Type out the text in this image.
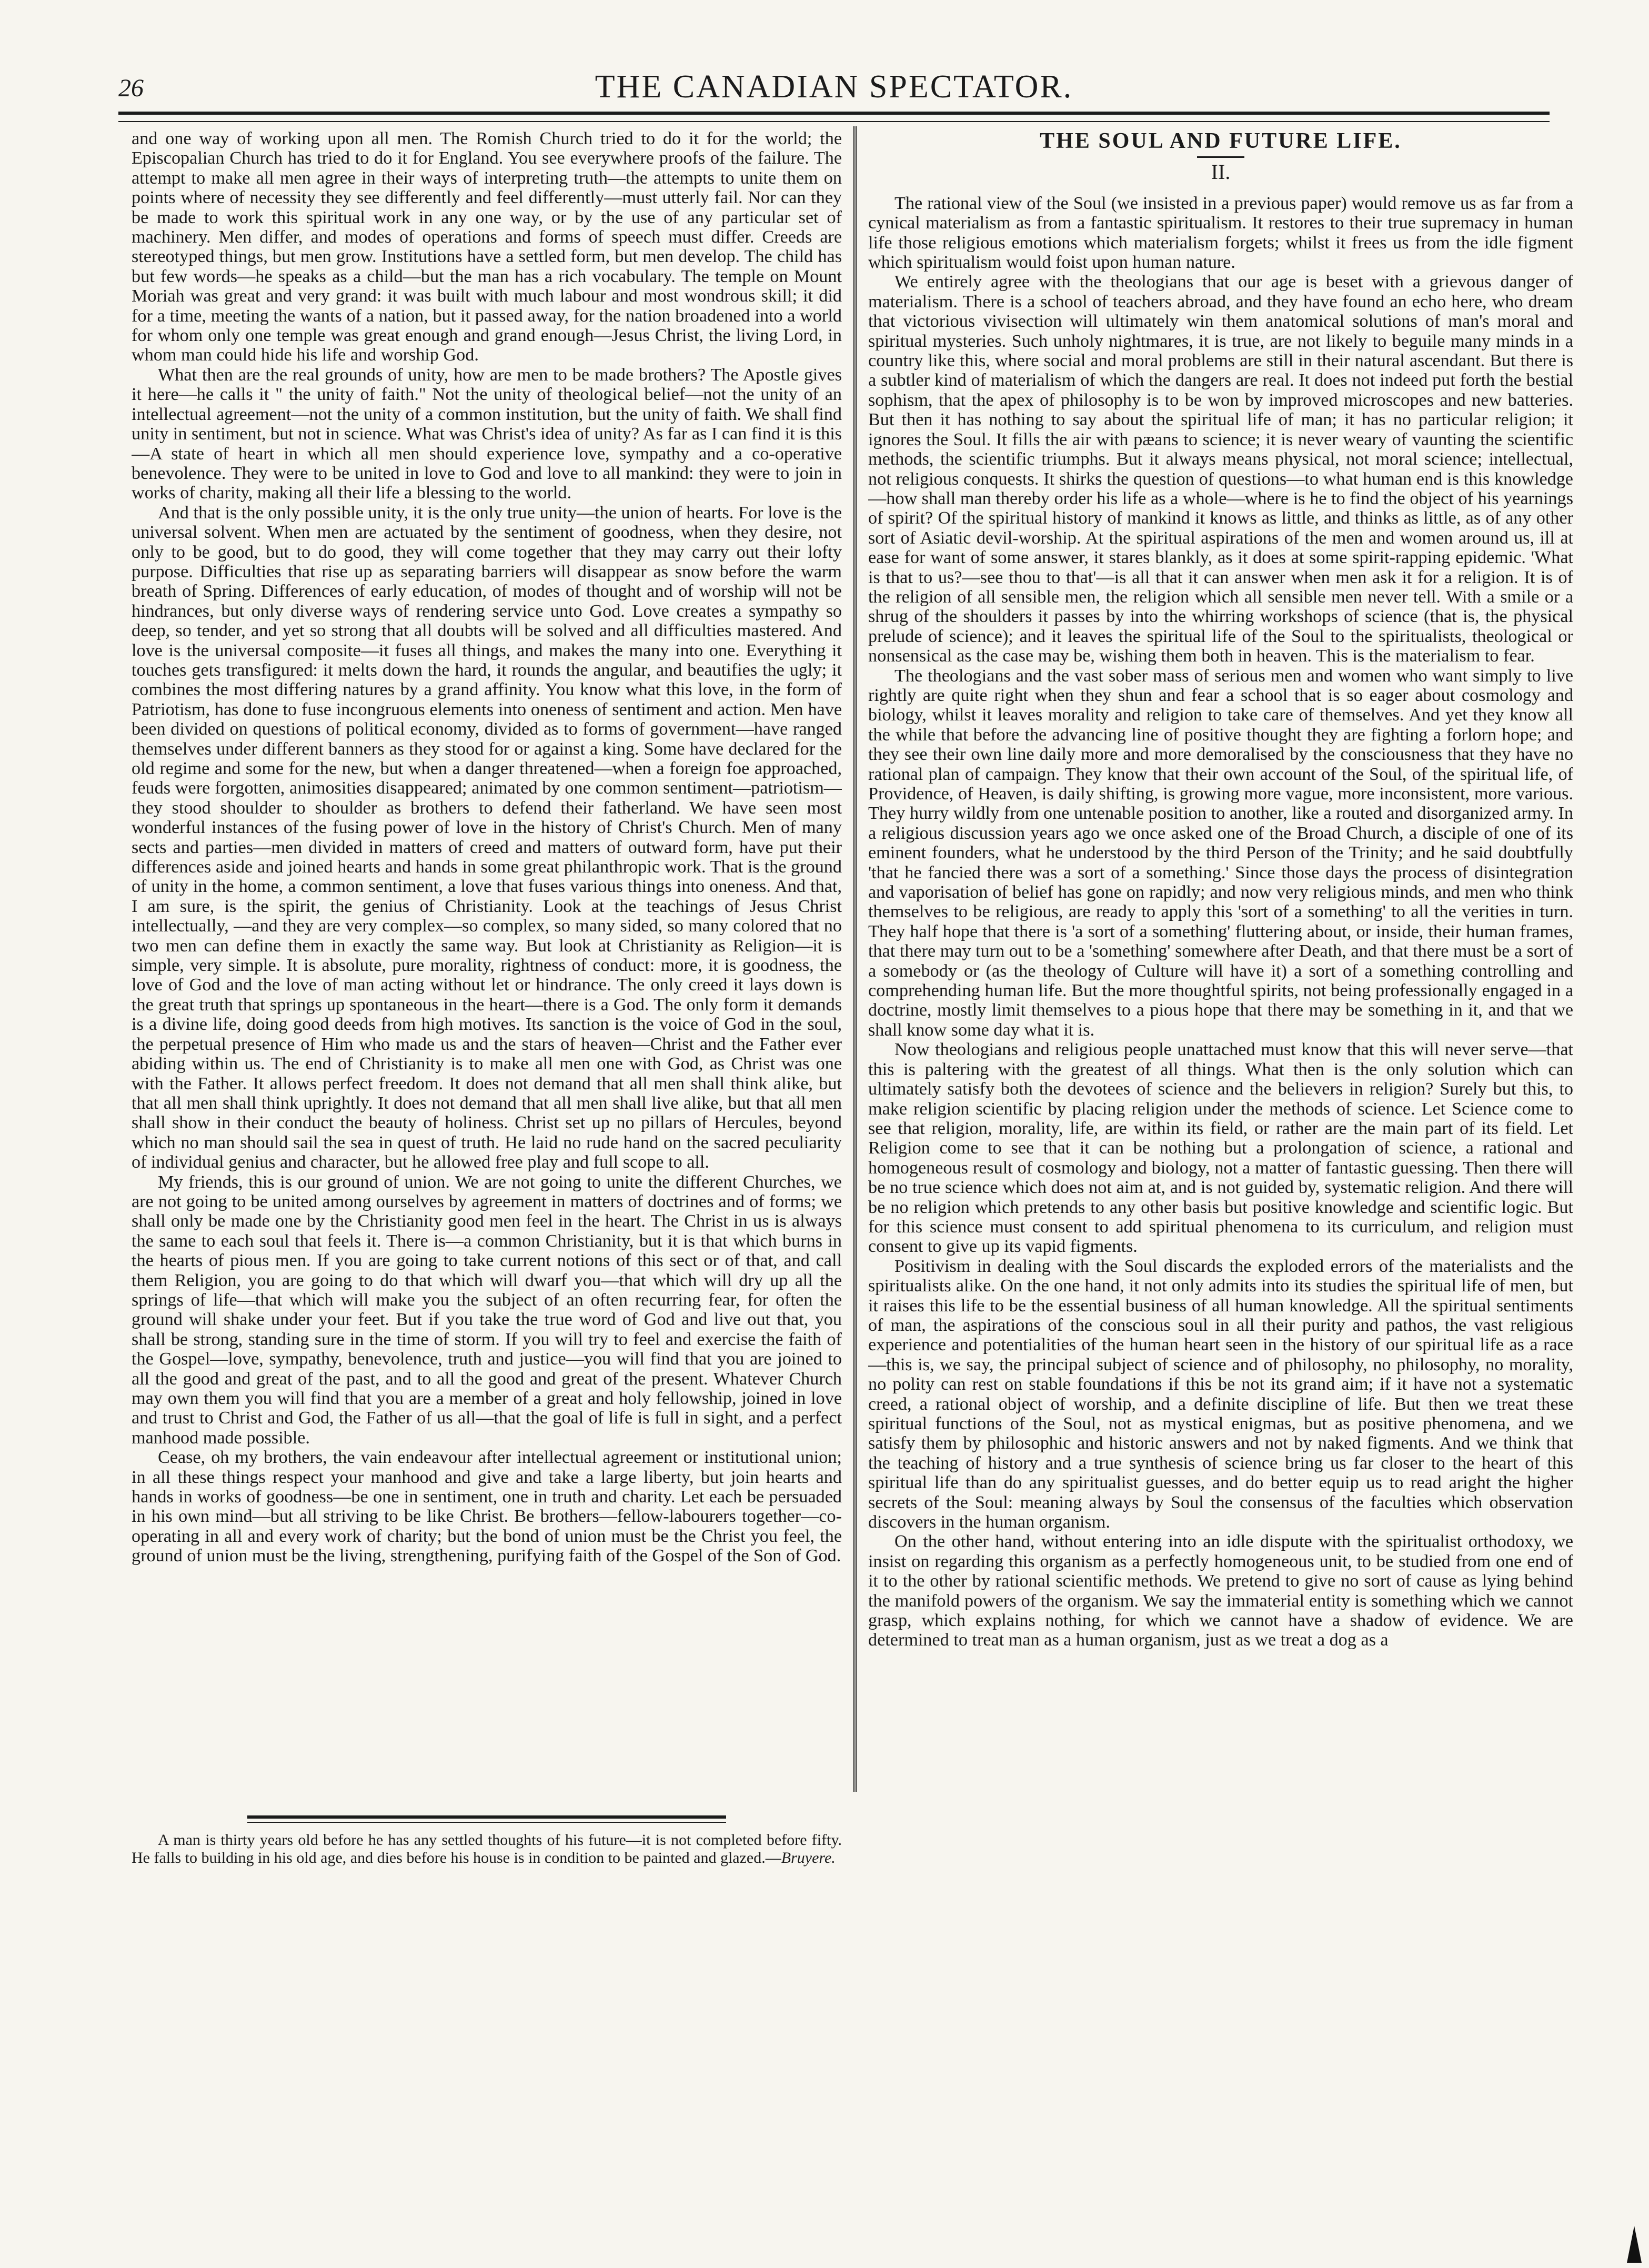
26	THE CANADIAN SPECTATOR.

and one way of working upon all men. The Romish Church tried to do it for the world; the Episcopalian Church has tried to do it for England. You see everywhere proofs of the failure. The attempt to make all men agree in their ways of interpreting truth—the attempts to unite them on points where of necessity they see differently and feel differently—must utterly fail. Nor can they be made to work this spiritual work in any one way, or by the use of any particular set of machinery. Men differ, and modes of operations and forms of speech must differ. Creeds are stereotyped things, but men grow. Institutions have a settled form, but men develop. The child has but few words—he speaks as a child—but the man has a rich vocabulary. The temple on Mount Moriah was great and very grand: it was built with much labour and most wondrous skill; it did for a time, meeting the wants of a nation, but it passed away, for the nation broadened into a world for whom only one temple was great enough and grand enough—Jesus Christ, the living Lord, in whom man could hide his life and worship God.

What then are the real grounds of unity, how are men to be made brothers? The Apostle gives it here—he calls it " the unity of faith." Not the unity of theological belief—not the unity of an intellectual agreement—not the unity of a common institution, but the unity of faith. We shall find unity in sentiment, but not in science. What was Christ's idea of unity? As far as I can find it is this—A state of heart in which all men should experience love, sympathy and a co-operative benevolence. They were to be united in love to God and love to all mankind: they were to join in works of charity, making all their life a blessing to the world.

And that is the only possible unity, it is the only true unity—the union of hearts. For love is the universal solvent. When men are actuated by the sentiment of goodness, when they desire, not only to be good, but to do good, they will come together that they may carry out their lofty purpose. Difficulties that rise up as separating barriers will disappear as snow before the warm breath of Spring. Differences of early education, of modes of thought and of worship will not be hindrances, but only diverse ways of rendering service unto God. Love creates a sympathy so deep, so tender, and yet so strong that all doubts will be solved and all difficulties mastered. And love is the universal composite—it fuses all things, and makes the many into one. Everything it touches gets transfigured: it melts down the hard, it rounds the angular, and beautifies the ugly; it combines the most differing natures by a grand affinity. You know what this love, in the form of Patriotism, has done to fuse incongruous elements into oneness of sentiment and action. Men have been divided on questions of political economy, divided as to forms of government—have ranged themselves under different banners as they stood for or against a king. Some have declared for the old regime and some for the new, but when a danger threatened—when a foreign foe approached, feuds were forgotten, animosities disappeared; animated by one common sentiment—patriotism—they stood shoulder to shoulder as brothers to defend their fatherland. We have seen most wonderful instances of the fusing power of love in the history of Christ's Church. Men of many sects and parties—men divided in matters of creed and matters of outward form, have put their differences aside and joined hearts and hands in some great philanthropic work. That is the ground of unity in the home, a common sentiment, a love that fuses various things into oneness. And that, I am sure, is the spirit, the genius of Christianity. Look at the teachings of Jesus Christ intellectually, —and they are very complex—so complex, so many sided, so many colored that no two men can define them in exactly the same way. But look at Christianity as Religion—it is simple, very simple. It is absolute, pure morality, rightness of conduct: more, it is goodness, the love of God and the love of man acting without let or hindrance. The only creed it lays down is the great truth that springs up spontaneous in the heart—there is a God. The only form it demands is a divine life, doing good deeds from high motives. Its sanction is the voice of God in the soul, the perpetual presence of Him who made us and the stars of heaven—Christ and the Father ever abiding within us. The end of Christianity is to make all men one with God, as Christ was one with the Father. It allows perfect freedom. It does not demand that all men shall think alike, but that all men shall think uprightly. It does not demand that all men shall live alike, but that all men shall show in their conduct the beauty of holiness. Christ set up no pillars of Hercules, beyond which no man should sail the sea in quest of truth. He laid no rude hand on the sacred peculiarity of individual genius and character, but he allowed free play and full scope to all.

My friends, this is our ground of union. We are not going to unite the different Churches, we are not going to be united among ourselves by agreement in matters of doctrines and of forms; we shall only be made one by the Christianity good men feel in the heart. The Christ in us is always the same to each soul that feels it. There is—a common Christianity, but it is that which burns in the hearts of pious men. If you are going to take current notions of this sect or of that, and call them Religion, you are going to do that which will dwarf you—that which will dry up all the springs of life—that which will make you the subject of an often recurring fear, for often the ground will shake under your feet. But if you take the true word of God and live out that, you shall be strong, standing sure in the time of storm. If you will try to feel and exercise the faith of the Gospel—love, sympathy, benevolence, truth and justice—you will find that you are joined to all the good and great of the past, and to all the good and great of the present. Whatever Church may own them you will find that you are a member of a great and holy fellowship, joined in love and trust to Christ and God, the Father of us all—that the goal of life is full in sight, and a perfect manhood made possible.

Cease, oh my brothers, the vain endeavour after intellectual agreement or institutional union; in all these things respect your manhood and give and take a large liberty, but join hearts and hands in works of goodness—be one in sentiment, one in truth and charity. Let each be persuaded in his own mind—but all striving to be like Christ. Be brothers—fellow-labourers together—co-operating in all and every work of charity; but the bond of union must be the Christ you feel, the ground of union must be the living, strengthening, purifying faith of the Gospel of the Son of God.

A man is thirty years old before he has any settled thoughts of his future—it is not completed before fifty. He falls to building in his old age, and dies before his house is in condition to be painted and glazed.—Bruyere.

THE SOUL AND FUTURE LIFE.
II.

The rational view of the Soul (we insisted in a previous paper) would remove us as far from a cynical materialism as from a fantastic spiritualism. It restores to their true supremacy in human life those religious emotions which materialism forgets; whilst it frees us from the idle figment which spiritualism would foist upon human nature.

We entirely agree with the theologians that our age is beset with a grievous danger of materialism. There is a school of teachers abroad, and they have found an echo here, who dream that victorious vivisection will ultimately win them anatomical solutions of man's moral and spiritual mysteries. Such unholy nightmares, it is true, are not likely to beguile many minds in a country like this, where social and moral problems are still in their natural ascendant. But there is a subtler kind of materialism of which the dangers are real. It does not indeed put forth the bestial sophism, that the apex of philosophy is to be won by improved microscopes and new batteries. But then it has nothing to say about the spiritual life of man; it has no particular religion; it ignores the Soul. It fills the air with pæans to science; it is never weary of vaunting the scientific methods, the scientific triumphs. But it always means physical, not moral science; intellectual, not religious conquests. It shirks the question of questions—to what human end is this knowledge—how shall man thereby order his life as a whole—where is he to find the object of his yearnings of spirit? Of the spiritual history of mankind it knows as little, and thinks as little, as of any other sort of Asiatic devil-worship. At the spiritual aspirations of the men and women around us, ill at ease for want of some answer, it stares blankly, as it does at some spirit-rapping epidemic. 'What is that to us?—see thou to that'—is all that it can answer when men ask it for a religion. It is of the religion of all sensible men, the religion which all sensible men never tell. With a smile or a shrug of the shoulders it passes by into the whirring workshops of science (that is, the physical prelude of science); and it leaves the spiritual life of the Soul to the spiritualists, theological or nonsensical as the case may be, wishing them both in heaven. This is the materialism to fear.

The theologians and the vast sober mass of serious men and women who want simply to live rightly are quite right when they shun and fear a school that is so eager about cosmology and biology, whilst it leaves morality and religion to take care of themselves. And yet they know all the while that before the advancing line of positive thought they are fighting a forlorn hope; and they see their own line daily more and more demoralised by the consciousness that they have no rational plan of campaign. They know that their own account of the Soul, of the spiritual life, of Providence, of Heaven, is daily shifting, is growing more vague, more inconsistent, more various. They hurry wildly from one untenable position to another, like a routed and disorganized army. In a religious discussion years ago we once asked one of the Broad Church, a disciple of one of its eminent founders, what he understood by the third Person of the Trinity; and he said doubtfully 'that he fancied there was a sort of a something.' Since those days the process of disintegration and vaporisation of belief has gone on rapidly; and now very religious minds, and men who think themselves to be religious, are ready to apply this 'sort of a something' to all the verities in turn. They half hope that there is 'a sort of a something' fluttering about, or inside, their human frames, that there may turn out to be a 'something' somewhere after Death, and that there must be a sort of a somebody or (as the theology of Culture will have it) a sort of a something controlling and comprehending human life. But the more thoughtful spirits, not being professionally engaged in a doctrine, mostly limit themselves to a pious hope that there may be something in it, and that we shall know some day what it is.

Now theologians and religious people unattached must know that this will never serve—that this is paltering with the greatest of all things. What then is the only solution which can ultimately satisfy both the devotees of science and the believers in religion? Surely but this, to make religion scientific by placing religion under the methods of science. Let Science come to see that religion, morality, life, are within its field, or rather are the main part of its field. Let Religion come to see that it can be nothing but a prolongation of science, a rational and homogeneous result of cosmology and biology, not a matter of fantastic guessing. Then there will be no true science which does not aim at, and is not guided by, systematic religion. And there will be no religion which pretends to any other basis but positive knowledge and scientific logic. But for this science must consent to add spiritual phenomena to its curriculum, and religion must consent to give up its vapid figments.

Positivism in dealing with the Soul discards the exploded errors of the materialists and the spiritualists alike. On the one hand, it not only admits into its studies the spiritual life of men, but it raises this life to be the essential business of all human knowledge. All the spiritual sentiments of man, the aspirations of the conscious soul in all their purity and pathos, the vast religious experience and potentialities of the human heart seen in the history of our spiritual life as a race—this is, we say, the principal subject of science and of philosophy, no philosophy, no morality, no polity can rest on stable foundations if this be not its grand aim; if it have not a systematic creed, a rational object of worship, and a definite discipline of life. But then we treat these spiritual functions of the Soul, not as mystical enigmas, but as positive phenomena, and we satisfy them by philosophic and historic answers and not by naked figments. And we think that the teaching of history and a true synthesis of science bring us far closer to the heart of this spiritual life than do any spiritualist guesses, and do better equip us to read aright the higher secrets of the Soul: meaning always by Soul the consensus of the faculties which observation discovers in the human organism.

On the other hand, without entering into an idle dispute with the spiritualist orthodoxy, we insist on regarding this organism as a perfectly homogeneous unit, to be studied from one end of it to the other by rational scientific methods. We pretend to give no sort of cause as lying behind the manifold powers of the organism. We say the immaterial entity is something which we cannot grasp, which explains nothing, for which we cannot have a shadow of evidence. We are determined to treat man as a human organism, just as we treat a dog as a
